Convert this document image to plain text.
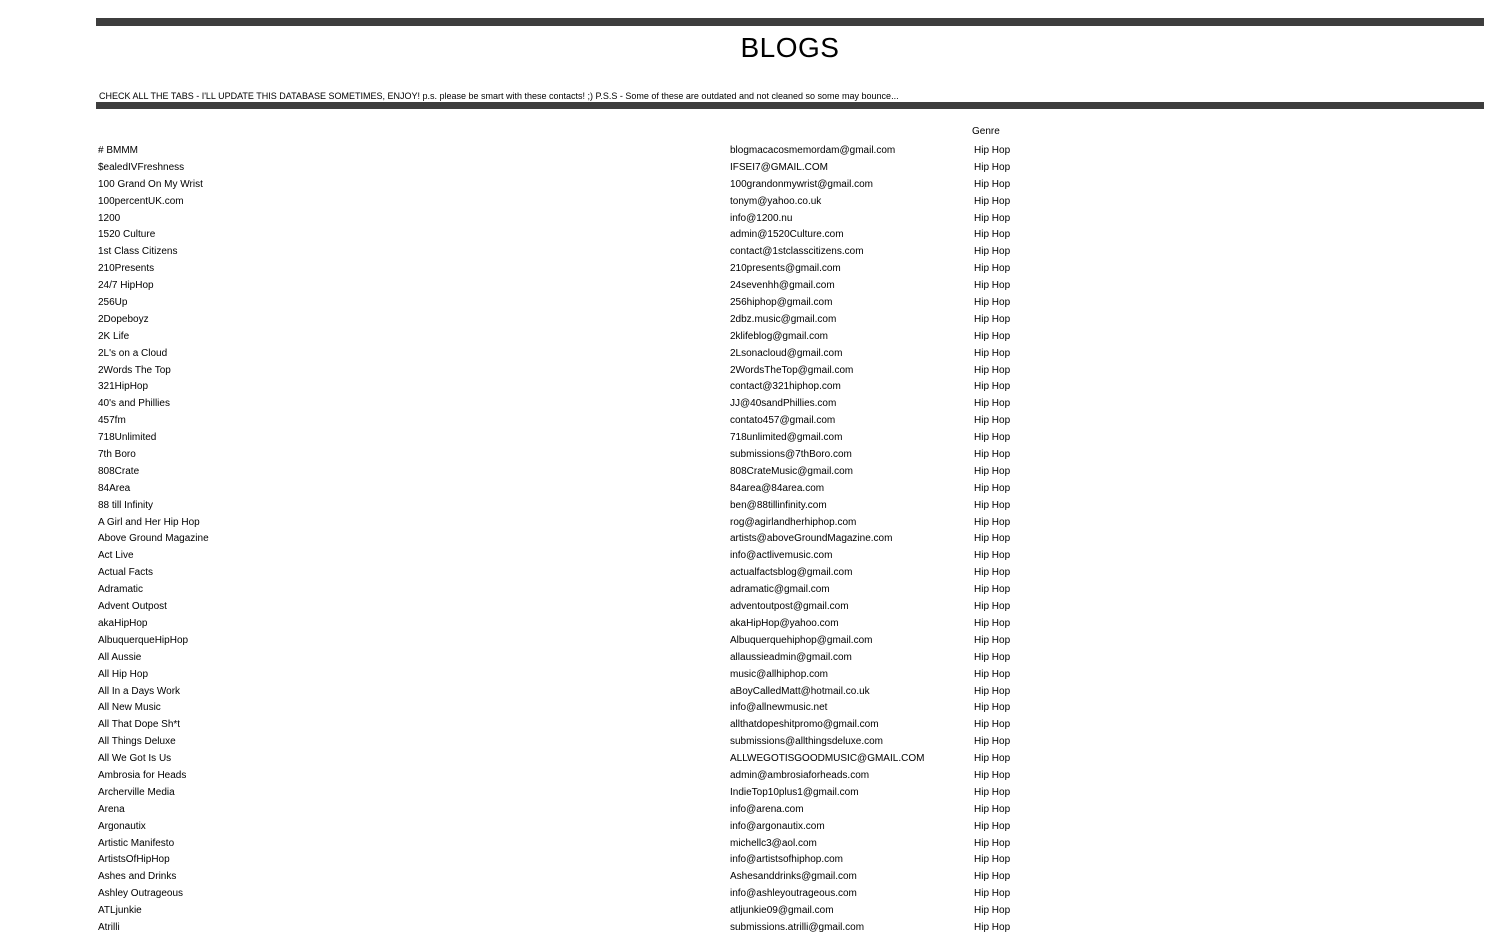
BLOGS
CHECK ALL THE TABS - I'LL UPDATE THIS DATABASE SOMETIMES, ENJOY! p.s. please be smart with these contacts! ;) P.S.S - Some of these are outdated and not cleaned so some may bounce...
Genre
# BMMM	blogmacacosmemordam@gmail.com	Hip Hop
$ealedIVFreshness	IFSEI7@GMAIL.COM	Hip Hop
100 Grand On My Wrist	100grandonmywrist@gmail.com	Hip Hop
100percentUK.com	tonym@yahoo.co.uk	Hip Hop
1200	info@1200.nu	Hip Hop
1520 Culture	admin@1520Culture.com	Hip Hop
1st Class Citizens	contact@1stclasscitizens.com	Hip Hop
210Presents	210presents@gmail.com	Hip Hop
24/7 HipHop	24sevenhh@gmail.com	Hip Hop
256Up	256hiphop@gmail.com	Hip Hop
2Dopeboyz	2dbz.music@gmail.com	Hip Hop
2K Life	2klifeblog@gmail.com	Hip Hop
2L's on a Cloud	2Lsonacloud@gmail.com	Hip Hop
2Words The Top	2WordsTheTop@gmail.com	Hip Hop
321HipHop	contact@321hiphop.com	Hip Hop
40's and Phillies	JJ@40sandPhillies.com	Hip Hop
457fm	contato457@gmail.com	Hip Hop
718Unlimited	718unlimited@gmail.com	Hip Hop
7th Boro	submissions@7thBoro.com	Hip Hop
808Crate	808CrateMusic@gmail.com	Hip Hop
84Area	84area@84area.com	Hip Hop
88 till Infinity	ben@88tillinfinity.com	Hip Hop
A Girl and Her Hip Hop	rog@agirlandherhiphop.com	Hip Hop
Above Ground Magazine	artists@aboveGroundMagazine.com	Hip Hop
Act Live	info@actlivemusic.com	Hip Hop
Actual Facts	actualfactsblog@gmail.com	Hip Hop
Adramatic	adramatic@gmail.com	Hip Hop
Advent Outpost	adventoutpost@gmail.com	Hip Hop
akaHipHop	akaHipHop@yahoo.com	Hip Hop
AlbuquerqueHipHop	Albuquerquehiphop@gmail.com	Hip Hop
All Aussie	allaussieadmin@gmail.com	Hip Hop
All Hip Hop	music@allhiphop.com	Hip Hop
All In a Days Work	aBoyCalledMatt@hotmail.co.uk	Hip Hop
All New Music	info@allnewmusic.net	Hip Hop
All That Dope Sh*t	allthatdopeshitpromo@gmail.com	Hip Hop
All Things Deluxe	submissions@allthingsdeluxe.com	Hip Hop
All We Got Is Us	ALLWEGOTISGOODMUSIC@GMAIL.COM	Hip Hop
Ambrosia for Heads	admin@ambrosiaforheads.com	Hip Hop
Archerville Media	IndieTop10plus1@gmail.com	Hip Hop
Arena	info@arena.com	Hip Hop
Argonautix	info@argonautix.com	Hip Hop
Artistic Manifesto	michellc3@aol.com	Hip Hop
ArtistsOfHipHop	info@artistsofhiphop.com	Hip Hop
Ashes and Drinks	Ashesanddrinks@gmail.com	Hip Hop
Ashley Outrageous	info@ashleyoutrageous.com	Hip Hop
ATLjunkie	atljunkie09@gmail.com	Hip Hop
Atrilli	submissions.atrilli@gmail.com	Hip Hop
